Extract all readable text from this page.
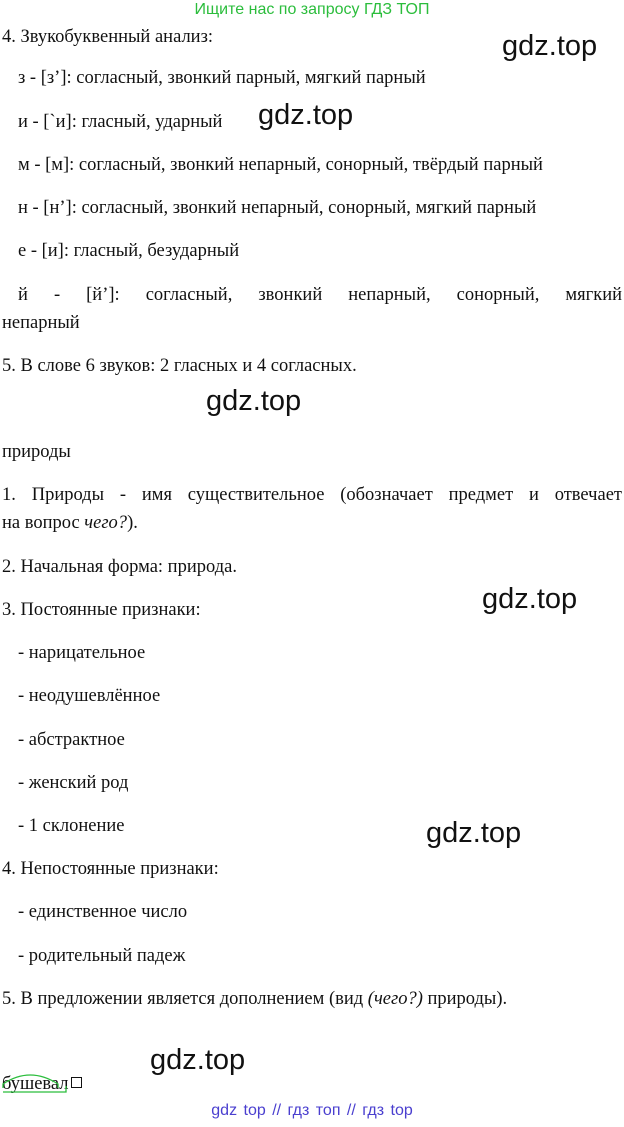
Ищите нас по запросу ГДЗ ТОП
4. Звукобуквенный анализ:
з - [з’]: согласный, звонкий парный, мягкий парный
и - [`и]: гласный, ударный
м - [м]: согласный, звонкий непарный, сонорный, твёрдый парный
н - [н’]: согласный, звонкий непарный, сонорный, мягкий парный
е - [и]: гласный, безударный
й - [й’]: согласный, звонкий непарный, сонорный, мягкий
непарный
5. В слове 6 звуков: 2 гласных и 4 согласных.
природы
1. Природы - имя существительное (обозначает предмет и отвечает
на вопрос чего?).
2. Начальная форма: природа.
3. Постоянные признаки:
- нарицательное
- неодушевлённое
- абстрактное
- женский род
- 1 склонение
4. Непостоянные признаки:
- единственное число
- родительный падеж
5. В предложении является дополнением (вид (чего?) природы).
бушевал
gdz.top
gdz.top
gdz.top
gdz.top
gdz.top
gdz.top
gdz top // гдз топ // гдз top
